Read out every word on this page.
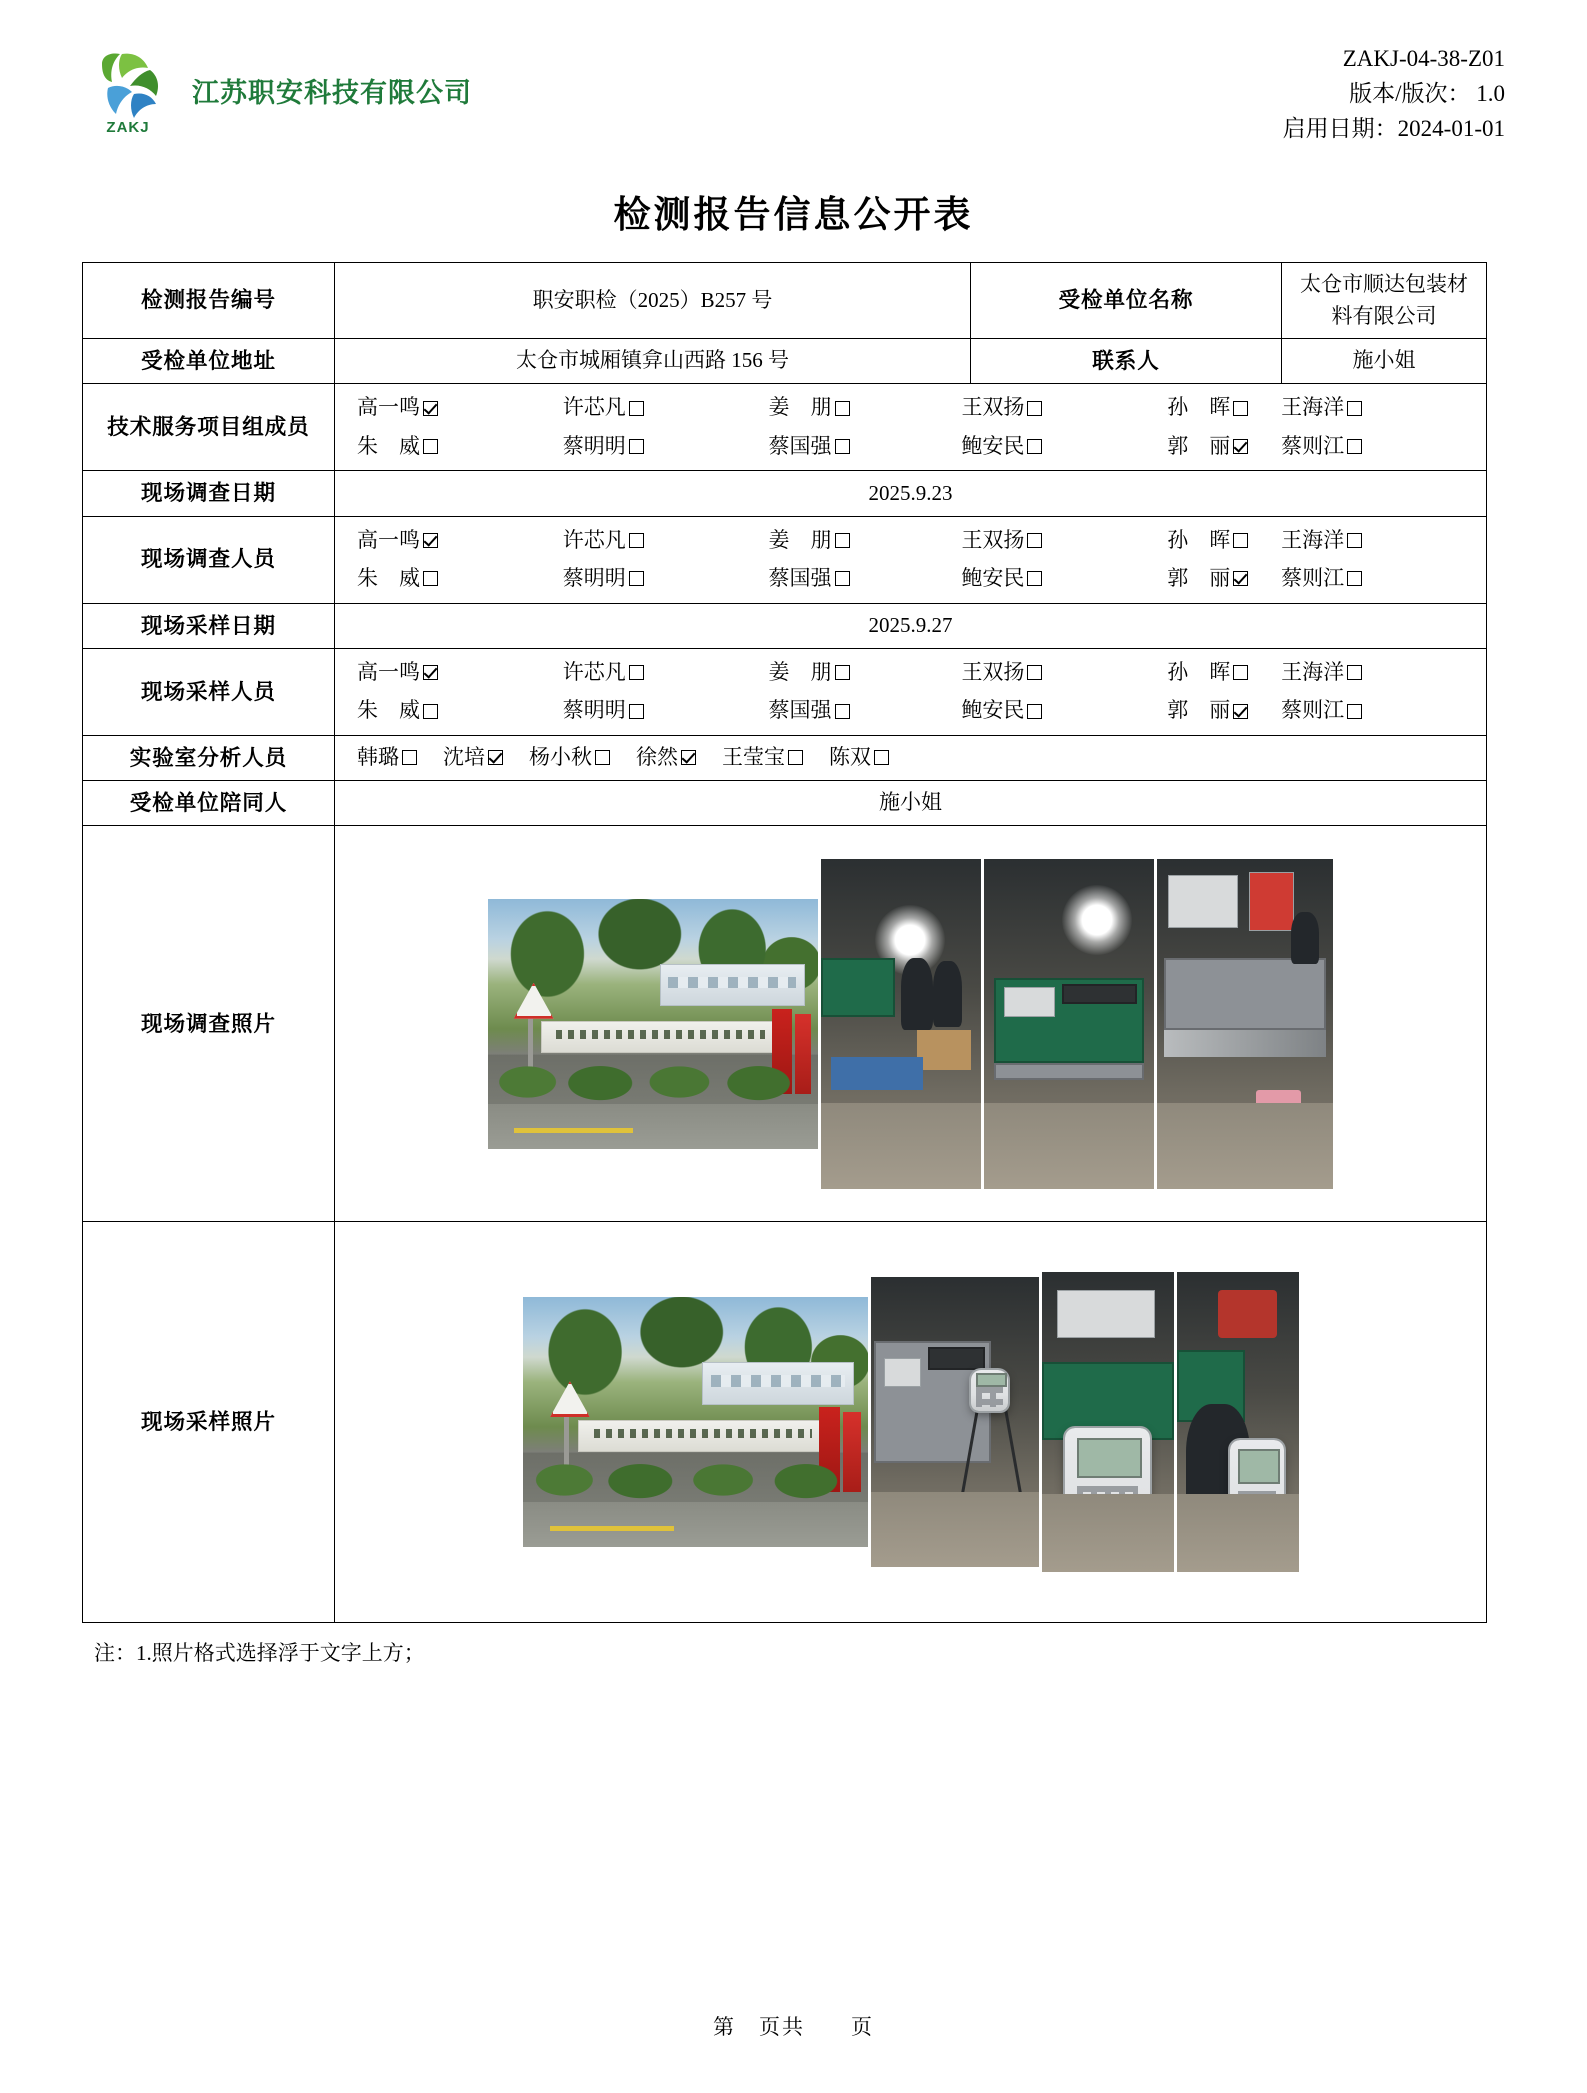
ZAKJ
江苏职安科技有限公司
ZAKJ-04-38-Z01
版本/版次： 1.0
启用日期：2024-01-01
检测报告信息公开表
检测报告编号	职安职检（2025）B257 号	受检单位名称	太仓市顺达包装材料有限公司
受检单位地址	太仓市城厢镇弇山西路 156 号	联系人	施小姐
技术服务项目组成员	
高一鸣	许芯凡	姜　朋	王双扬	孙　晖 王海洋
朱　威	蔡明明	蔡国强	鲍安民	郭　丽 蔡则江

现场调查日期	2025.9.23		
现场调查人员	
高一鸣	许芯凡	姜　朋	王双扬	孙　晖 王海洋
朱　威	蔡明明	蔡国强	鲍安民	郭　丽 蔡则江

现场采样日期	2025.9.27		
现场采样人员	
高一鸣	许芯凡	姜　朋	王双扬	孙　晖 王海洋
朱　威	蔡明明	蔡国强	鲍安民	郭　丽 蔡则江

实验室分析人员	韩璐 沈培 杨小秋 徐然 王莹宝 陈双

受检单位陪同人	施小姐		
现场调查照片			

现场采样照片			
注：1.照片格式选择浮于文字上方；
第　页共　　页
